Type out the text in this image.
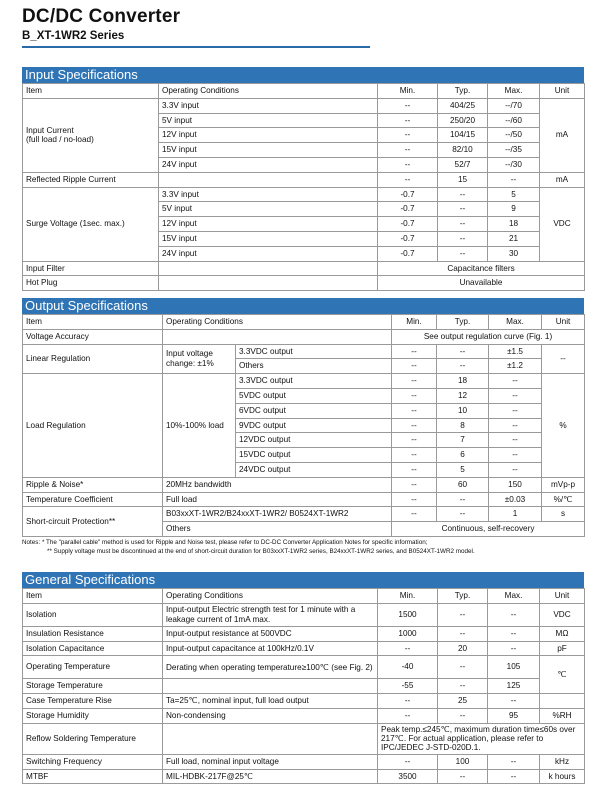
DC/DC Converter
B_XT-1WR2 Series
Input Specifications
Item	Operating Conditions	Min.	Typ.	Max.	Unit
Input Current
(full load / no-load)	3.3V input	--	404/25	--/70	mA
	5V input	--	250/20	--/60	
	12V input	--	104/15	--/50	
	15V input	--	82/10	--/35	
	24V input	--	52/7	--/30	
Reflected Ripple Current		--	15	--	mA
Surge Voltage (1sec. max.)	3.3V input	-0.7	--	5	VDC
	5V input	-0.7	--	9	
	12V input	-0.7	--	18	
	15V input	-0.7	--	21	
	24V input	-0.7	--	30	
Input Filter		Capacitance filters			
Hot Plug		Unavailable			
Output Specifications
Item	Operating Conditions		Min.	Typ.	Max.	Unit
Voltage Accuracy			See output regulation curve (Fig. 1)			
Linear Regulation	Input voltage
change: ±1%	3.3VDC output	--	--	±1.5	--
		Others	--	--	±1.2	
Load Regulation	10%-100% load	3.3VDC output	--	18	--	%
		5VDC output	--	12	--	
		6VDC output	--	10	--	
		9VDC output	--	8	--	
		12VDC output	--	7	--	
		15VDC output	--	6	--	
		24VDC output	--	5	--	
Ripple & Noise*	20MHz bandwidth		--	60	150	mVp-p
Temperature Coefficient	Full load		--	--	±0.03	%/℃
Short-circuit Protection**	B03xxXT-1WR2/B24xxXT-1WR2/ B0524XT-1WR2		--	--	1	s
	Others		Continuous, self-recovery			
Notes: * The "parallel cable" method is used for Ripple and Noise test, please refer to DC-DC Converter Application Notes for specific information;
** Supply voltage must be discontinued at the end of short-circuit duration for B03xxXT-1WR2 series, B24xxXT-1WR2 series, and B0524XT-1WR2 model.
General Specifications
Item	Operating Conditions	Min.	Typ.	Max.	Unit
Isolation	Input-output Electric strength test for 1 minute with a leakage current of 1mA max.	1500	--	--	VDC
Insulation Resistance	Input-output resistance at 500VDC	1000	--	--	MΩ
Isolation Capacitance	Input-output capacitance at 100kHz/0.1V	--	20	--	pF
Operating Temperature	Derating when operating temperature≥100℃ (see Fig. 2)	-40	--	105	℃
Storage Temperature		-55	--	125	
Case Temperature Rise	Ta=25℃, nominal input, full load output	--	25	--	
Storage Humidity	Non-condensing	--	--	95	%RH
Reflow Soldering Temperature		Peak temp.≤245℃, maximum duration time≤60s over 217℃. For actual application, please refer to IPC/JEDEC J-STD-020D.1.			
Switching Frequency	Full load, nominal input voltage	--	100	--	kHz
MTBF	MIL-HDBK-217F@25℃	3500	--	--	k hours
